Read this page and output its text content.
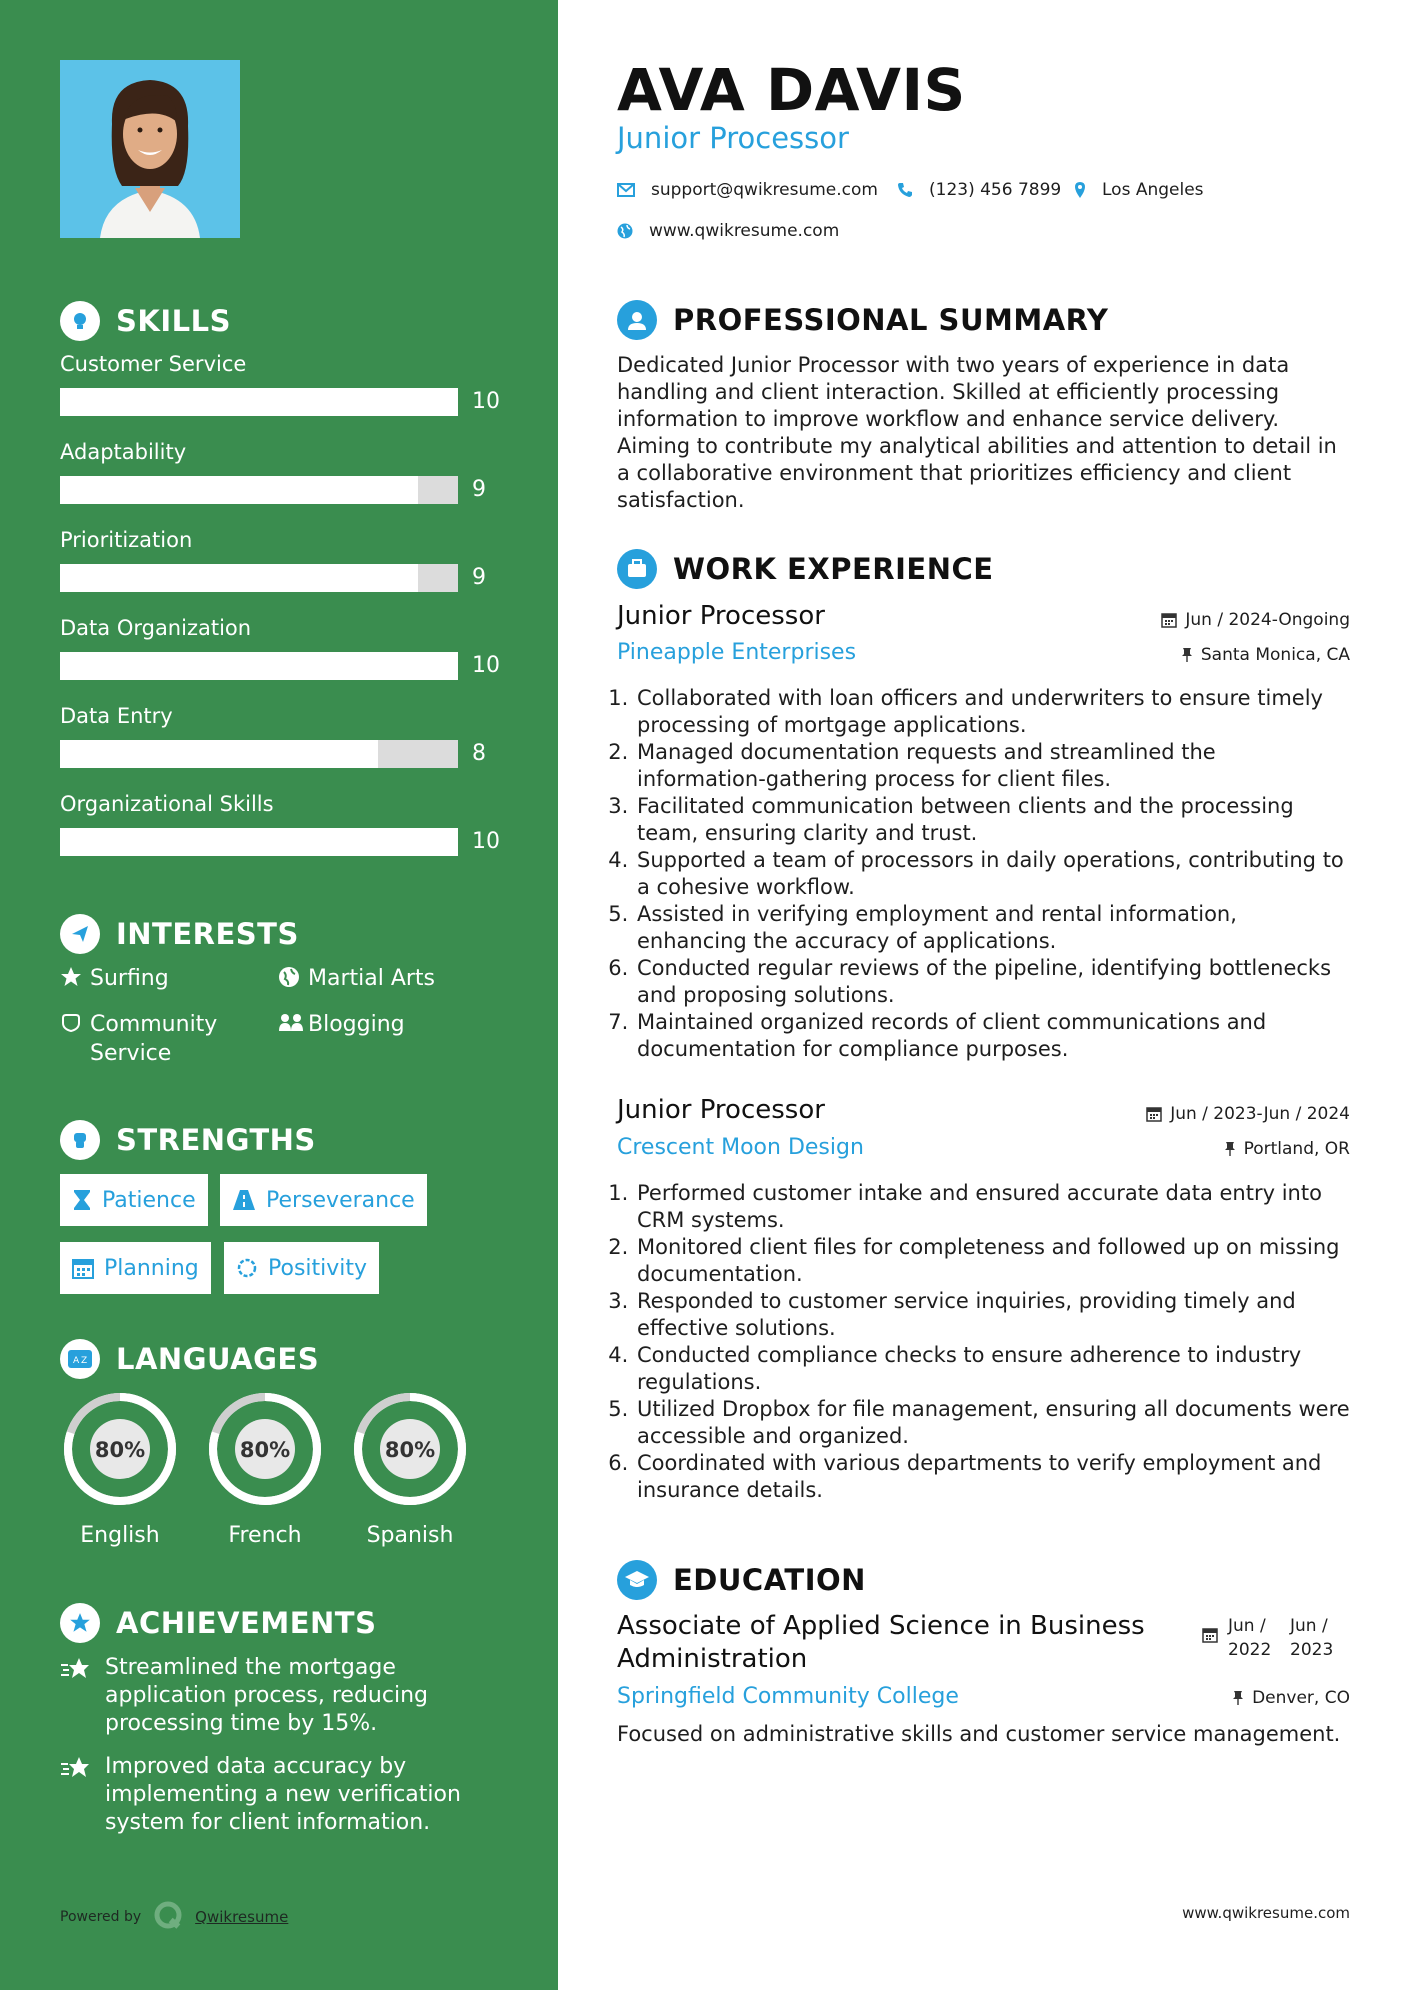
SKILLS
Customer Service
10
Adaptability
9
Prioritization
9
Data Organization
10
Data Entry
8
Organizational Skills
10
INTERESTS
Surfing	Martial Arts
Community Service
Blogging
STRENGTHS
Patience	Perseverance
Planning	Positivity
A Z LANGUAGES
80%
English
80%
French
80%
Spanish
ACHIEVEMENTS
Streamlined the mortgage application process, reducing processing time by 15%.
Improved data accuracy by implementing a new verification system for client information.
Powered by	Qwikresume
AVA DAVIS
Junior Processor
support@qwikresume.com	(123) 456 7899 Los Angeles
www.qwikresume.com
PROFESSIONAL SUMMARY
Dedicated Junior Processor with two years of experience in data handling and client interaction. Skilled at efficiently processing information to improve workflow and enhance service delivery. Aiming to contribute my analytical abilities and attention to detail in a collaborative environment that prioritizes efficiency and client satisfaction.
WORK EXPERIENCE
Junior Processor	Jun / 2024-Ongoing
Pineapple Enterprises	Santa Monica, CA
1. Collaborated with loan officers and underwriters to ensure timely processing of mortgage applications.
2. Managed documentation requests and streamlined the information-gathering process for client files.
3. Facilitated communication between clients and the processing team, ensuring clarity and trust.
4. Supported a team of processors in daily operations, contributing to a cohesive workflow.
5. Assisted in verifying employment and rental information, enhancing the accuracy of applications.
6. Conducted regular reviews of the pipeline, identifying bottlenecks and proposing solutions.
7. Maintained organized records of client communications and documentation for compliance purposes.
Junior Processor	Jun / 2023-Jun / 2024
Crescent Moon Design	Portland, OR
1. Performed customer intake and ensured accurate data entry into CRM systems.
2. Monitored client files for completeness and followed up on missing documentation.
3. Responded to customer service inquiries, providing timely and effective solutions.
4. Conducted compliance checks to ensure adherence to industry regulations.
5. Utilized Dropbox for file management, ensuring all documents were accessible and organized.
6. Coordinated with various departments to verify employment and insurance details.
EDUCATION
Associate of Applied Science in Business Administration
Jun /
2022
Jun /
2023
Springfield Community College	Denver, CO
Focused on administrative skills and customer service management.
www.qwikresume.com
